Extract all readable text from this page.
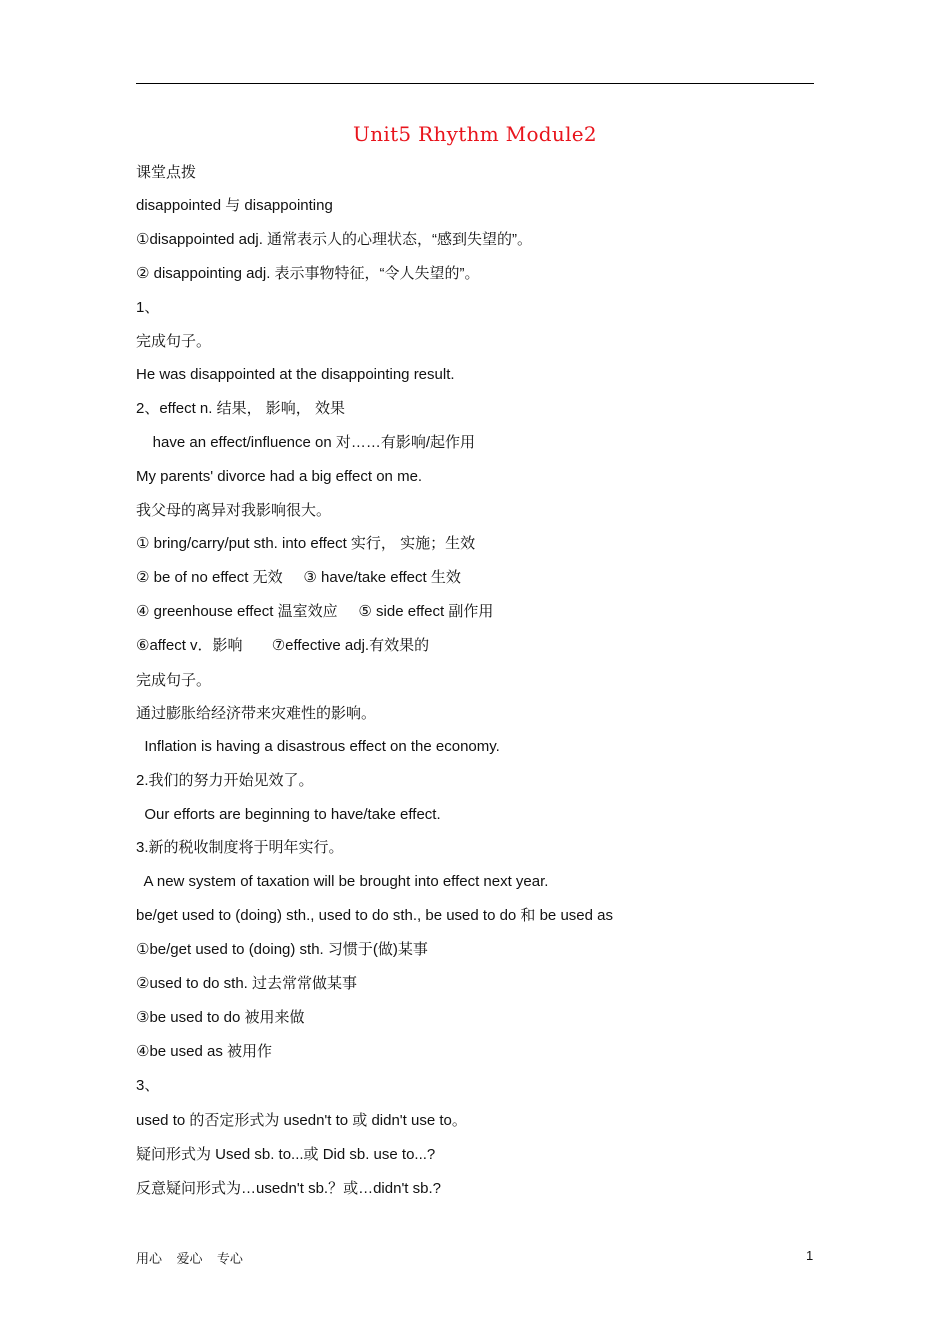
Unit5 Rhythm Module2
课堂点拨
disappointed 与 disappointing
①disappointed adj. 通常表示人的心理状态，“感到失望的”。
② disappointing adj. 表示事物特征，“令人失望的”。
1、
完成句子。
He was disappointed at the disappointing result.
2、effect n. 结果， 影响， 效果
have an effect/influence on 对……有影响/起作用
My parents' divorce had a big effect on me.
我父母的离异对我影响很大。
① bring/carry/put sth. into effect 实行， 实施；生效
② be of no effect 无效     ③ have/take effect 生效
④ greenhouse effect 温室效应     ⑤ side effect 副作用
⑥affect v．影响       ⑦effective adj.有效果的
完成句子。
通过膨胀给经济带来灾难性的影响。
Inflation is having a disastrous effect on the economy.
2.我们的努力开始见效了。
Our efforts are beginning to have/take effect.
3.新的税收制度将于明年实行。
A new system of taxation will be brought into effect next year.
be/get used to (doing) sth., used to do sth., be used to do 和 be used as
①be/get used to (doing) sth. 习惯于(做)某事
②used to do sth. 过去常常做某事
③be used to do 被用来做
④be used as 被用作
3、
used to 的否定形式为 usedn't to 或 didn't use to。
疑问形式为 Used sb. to...或 Did sb. use to...?
反意疑问形式为…usedn't sb.？或…didn't sb.?
用心    爱心    专心	1
